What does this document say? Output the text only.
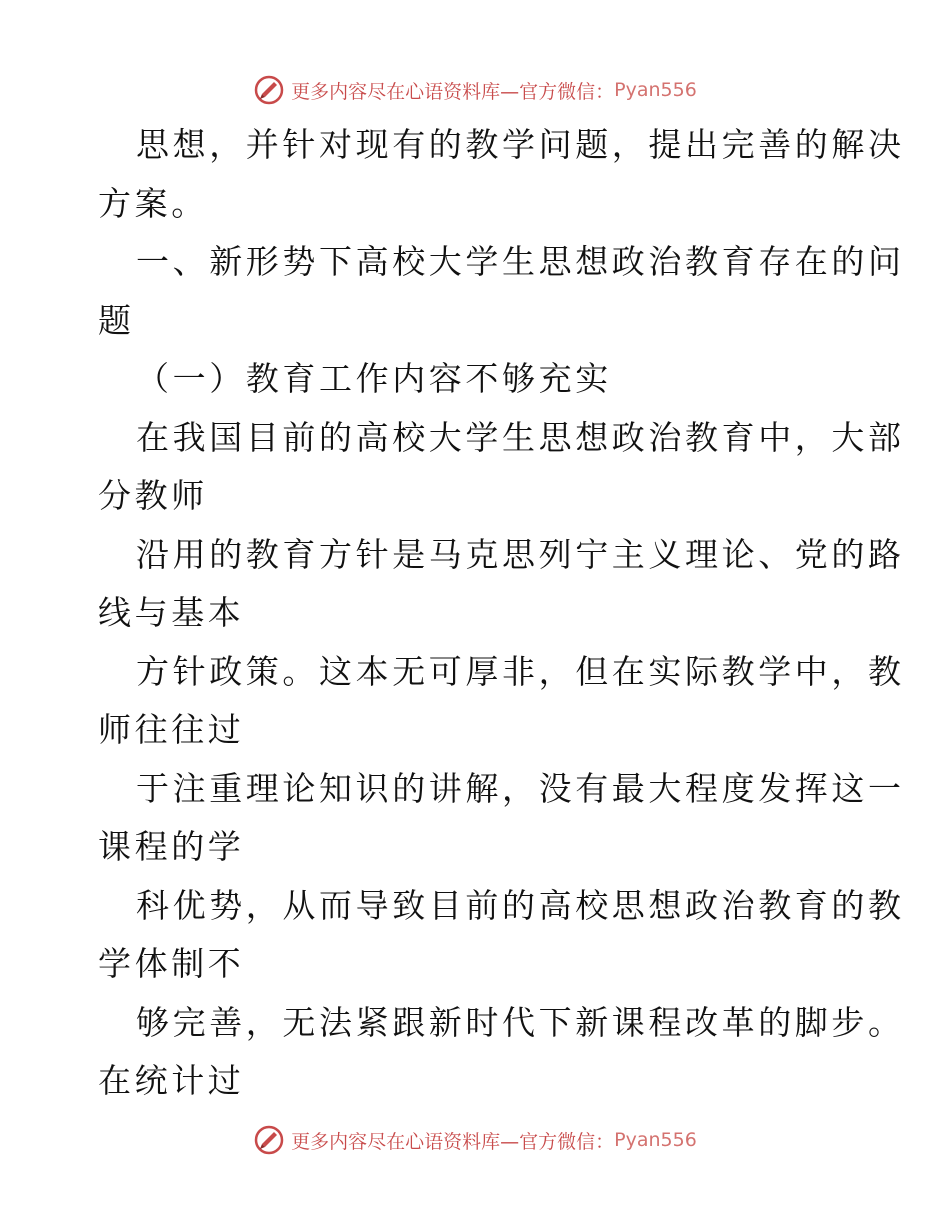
更多内容尽在心语资料库—官方微信： Pyan556
思想，并针对现有的教学问题，提出完善的解决
方案。
一、新形势下高校大学生思想政治教育存在的问
题
（一）教育工作内容不够充实
在我国目前的高校大学生思想政治教育中，大部
分教师
沿用的教育方针是马克思列宁主义理论、党的路
线与基本
方针政策。这本无可厚非，但在实际教学中，教
师往往过
于注重理论知识的讲解，没有最大程度发挥这一
课程的学
科优势，从而导致目前的高校思想政治教育的教
学体制不
够完善，无法紧跟新时代下新课程改革的脚步。
在统计过
更多内容尽在心语资料库—官方微信： Pyan556
